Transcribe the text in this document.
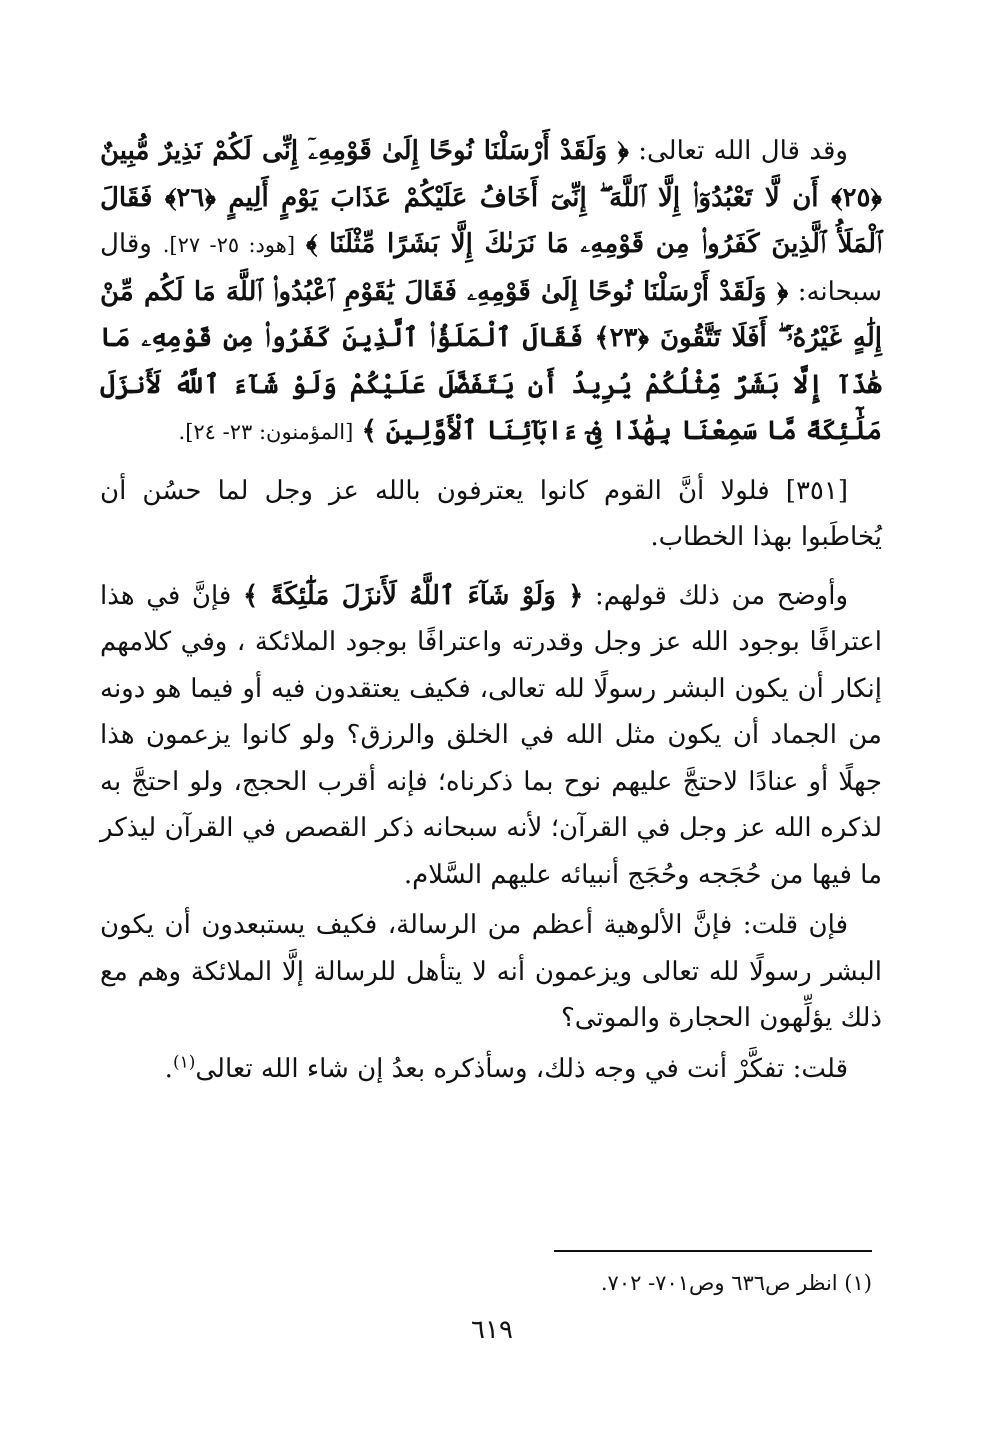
وقد قال الله تعالى: ﴿ وَلَقَدْ أَرْسَلْنَا نُوحًا إِلَىٰ قَوْمِهِۦٓ إِنِّى لَكُمْ نَذِيرٌ مُّبِينٌ ﴿٢٥﴾ أَن لَّا تَعْبُدُوٓا۟ إِلَّا ٱللَّهَ ۖ إِنِّىٓ أَخَافُ عَلَيْكُمْ عَذَابَ يَوْمٍ أَلِيمٍ ﴿٢٦﴾ فَقَالَ ٱلْمَلَأُ ٱلَّذِينَ كَفَرُوا۟ مِن قَوْمِهِۦ مَا نَرَىٰكَ إِلَّا بَشَرًا مِّثْلَنَا ﴾ [هود: ٢٥- ٢٧]. وقال سبحانه: ﴿ وَلَقَدْ أَرْسَلْنَا نُوحًا إِلَىٰ قَوْمِهِۦ فَقَالَ يَٰقَوْمِ ٱعْبُدُوا۟ ٱللَّهَ مَا لَكُم مِّنْ إِلَٰهٍ غَيْرُهُۥٓ ۖ أَفَلَا تَتَّقُونَ ﴿٢٣﴾ فَقَالَ ٱلْمَلَؤُا۟ ٱلَّذِينَ كَفَرُوا۟ مِن قَوْمِهِۦ مَا هَٰذَآ إِلَّا بَشَرٌ مِّثْلُكُمْ يُرِيدُ أَن يَتَفَضَّلَ عَلَيْكُمْ وَلَوْ شَآءَ ٱللَّهُ لَأَنزَلَ مَلَٰٓئِكَةً مَّا سَمِعْنَا بِهَٰذَا فِىٓ ءَابَآئِنَا ٱلْأَوَّلِينَ ﴾ [المؤمنون: ٢٣- ٢٤].

[٣٥١] فلولا أنَّ القوم كانوا يعترفون بالله عز وجل لما حسُن أن يُخاطَبوا بهذا الخطاب.

وأوضح من ذلك قولهم: ﴿ وَلَوْ شَآءَ ٱللَّهُ لَأَنزَلَ مَلَٰٓئِكَةً ﴾ فإنَّ في هذا اعترافًا بوجود الله عز وجل وقدرته واعترافًا بوجود الملائكة ، وفي كلامهم إنكار أن يكون البشر رسولًا لله تعالى، فكيف يعتقدون فيه أو فيما هو دونه من الجماد أن يكون مثل الله في الخلق والرزق؟ ولو كانوا يزعمون هذا جهلًا أو عنادًا لاحتجَّ عليهم نوح بما ذكرناه؛ فإنه أقرب الحجج، ولو احتجَّ به لذكره الله عز وجل في القرآن؛ لأنه سبحانه ذكر القصص في القرآن ليذكر ما فيها من حُجَجه وحُجَج أنبيائه عليهم السَّلام.

فإن قلت: فإنَّ الألوهية أعظم من الرسالة، فكيف يستبعدون أن يكون البشر رسولًا لله تعالى ويزعمون أنه لا يتأهل للرسالة إلَّا الملائكة وهم مع ذلك يؤلِّهون الحجارة والموتى؟

قلت: تفكَّرْ أنت في وجه ذلك، وسأذكره بعدُ إن شاء الله تعالى$^{(١)}$.

(١) انظر ص٦٣٦ وص٧٠١- ٧٠٢.
٦١٩
